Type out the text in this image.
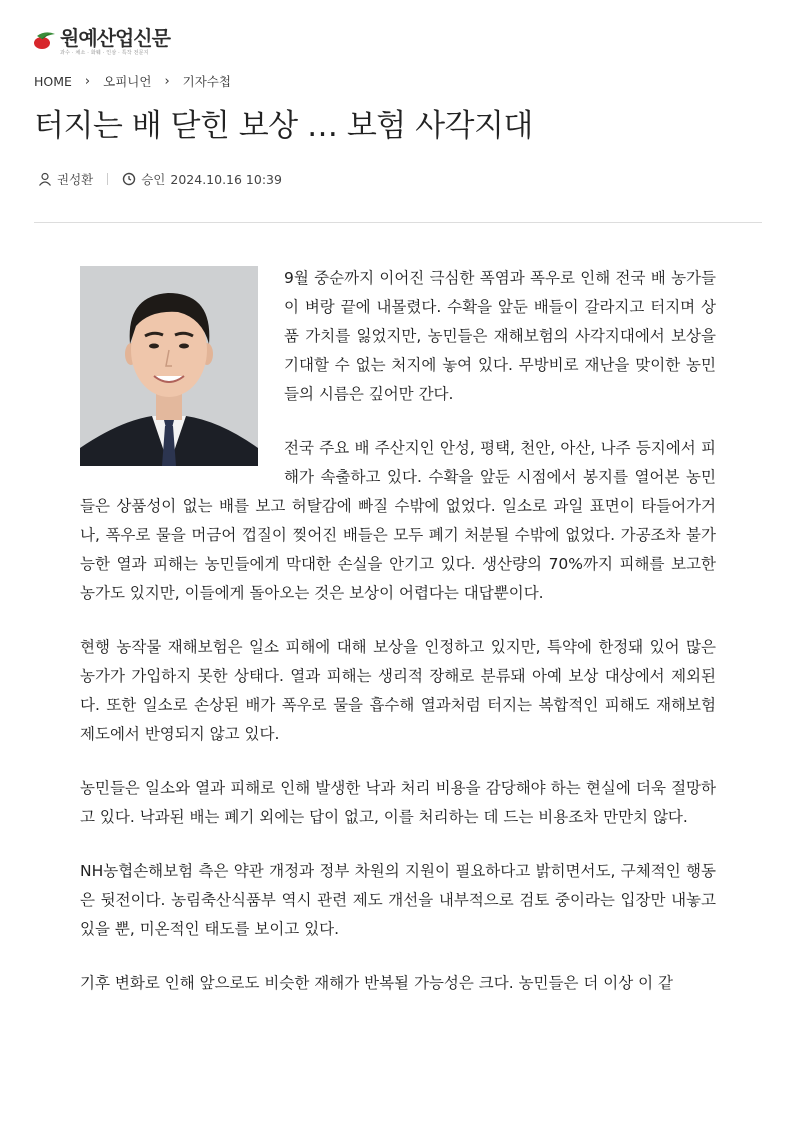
원예산업신문
과수 · 채소 · 화훼 · 인삼 · 특작 전문지
HOME › 오피니언 › 기자수첩
터지는 배 닫힌 보상 … 보험 사각지대
권성환	승인 2024.10.16 10:39

9월 중순까지 이어진 극심한 폭염과 폭우로 인해 전국 배 농가들이 벼랑 끝에 내몰렸다. 수확을 앞둔 배들이 갈라지고 터지며 상품 가치를 잃었지만, 농민들은 재해보험의 사각지대에서 보상을 기대할 수 없는 처지에 놓여 있다. 무방비로 재난을 맞이한 농민들의 시름은 깊어만 간다.

전국 주요 배 주산지인 안성, 평택, 천안, 아산, 나주 등지에서 피해가 속출하고 있다. 수확을 앞둔 시점에서 봉지를 열어본 농민들은 상품성이 없는 배를 보고 허탈감에 빠질 수밖에 없었다. 일소로 과일 표면이 타들어가거나, 폭우로 물을 머금어 껍질이 찢어진 배들은 모두 폐기 처분될 수밖에 없었다. 가공조차 불가능한 열과 피해는 농민들에게 막대한 손실을 안기고 있다. 생산량의 70%까지 피해를 보고한 농가도 있지만, 이들에게 돌아오는 것은 보상이 어렵다는 대답뿐이다.

현행 농작물 재해보험은 일소 피해에 대해 보상을 인정하고 있지만, 특약에 한정돼 있어 많은 농가가 가입하지 못한 상태다. 열과 피해는 생리적 장해로 분류돼 아예 보상 대상에서 제외된다. 또한 일소로 손상된 배가 폭우로 물을 흡수해 열과처럼 터지는 복합적인 피해도 재해보험 제도에서 반영되지 않고 있다.

농민들은 일소와 열과 피해로 인해 발생한 낙과 처리 비용을 감당해야 하는 현실에 더욱 절망하고 있다. 낙과된 배는 폐기 외에는 답이 없고, 이를 처리하는 데 드는 비용조차 만만치 않다.

NH농협손해보험 측은 약관 개정과 정부 차원의 지원이 필요하다고 밝히면서도, 구체적인 행동은 뒷전이다. 농림축산식품부 역시 관련 제도 개선을 내부적으로 검토 중이라는 입장만 내놓고 있을 뿐, 미온적인 태도를 보이고 있다.

기후 변화로 인해 앞으로도 비슷한 재해가 반복될 가능성은 크다. 농민들은 더 이상 이 같
